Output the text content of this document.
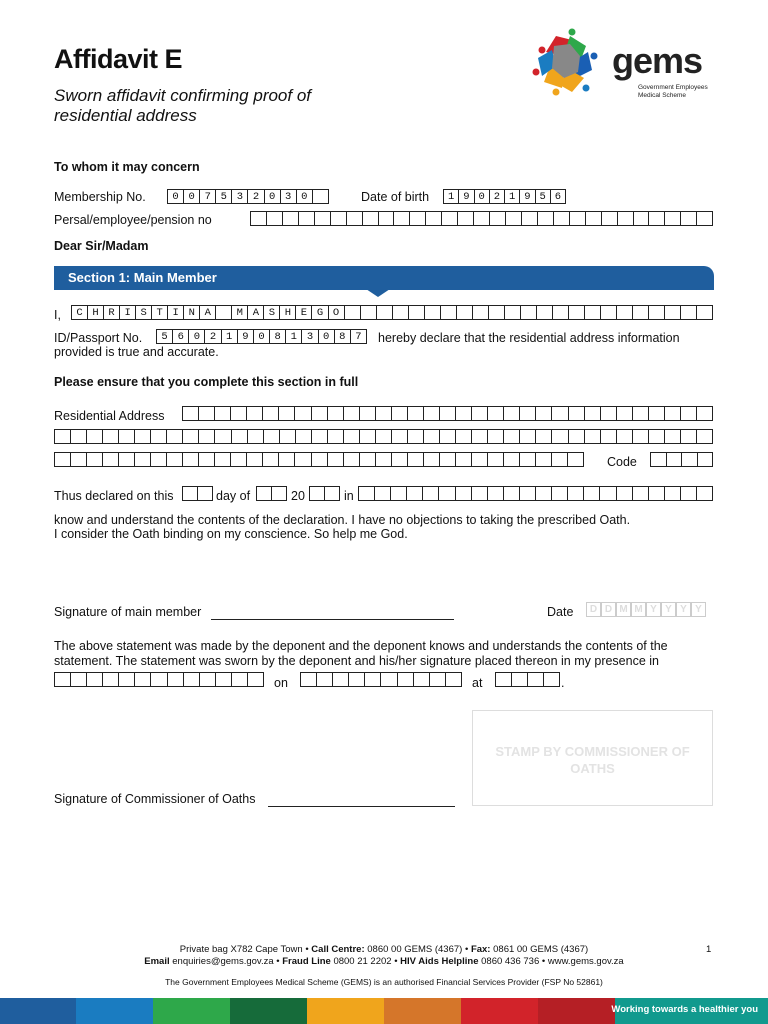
Affidavit E
Sworn affidavit confirming proof of residential address
gems
Government Employees
Medical Scheme
To whom it may concern
Membership No.	0 0 7 5 3 2 0 3 0	Date of birth	1 9 0 2 1 9 5 6
Persal/employee/pension no
Dear Sir/Madam
Section 1: Main Member
I,	C H R I S T I N A	M A S H E G O
ID/Passport No.	5 6 0 2 1 9 0 8 1 3 0 8 7	hereby declare that the residential address information
provided is true and accurate.
Please ensure that you complete this section in full
Residential Address
Code
Thus declared on this	day of	20	in
know and understand the contents of the declaration. I have no objections to taking the prescribed Oath.
I consider the Oath binding on my conscience. So help me God.
Signature of main member	Date	D D M M Y Y Y Y
The above statement was made by the deponent and the deponent knows and understands the contents of the
statement. The statement was sworn by the deponent and his/her signature placed thereon in my presence in
on	at	.
STAMP BY COMMISSIONER OF OATHS
Signature of Commissioner of Oaths
Private bag X782 Cape Town • Call Centre: 0860 00 GEMS (4367) • Fax: 0861 00 GEMS (4367)
Email enquiries@gems.gov.za • Fraud Line 0800 21 2202 • HIV Aids Helpline 0860 436 736 • www.gems.gov.za
1
The Government Employees Medical Scheme (GEMS) is an authorised Financial Services Provider (FSP No 52861)
Working towards a healthier you
